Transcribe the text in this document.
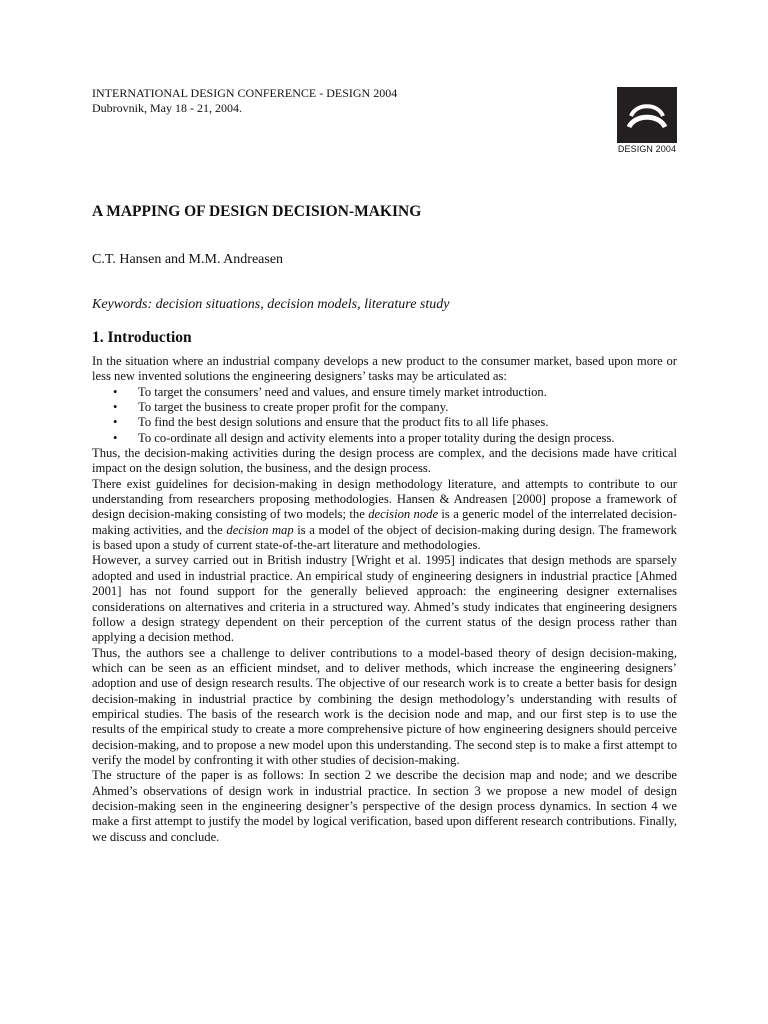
INTERNATIONAL DESIGN CONFERENCE - DESIGN 2004
Dubrovnik, May 18 - 21, 2004.
DESIGN 2004
A MAPPING OF DESIGN DECISION-MAKING
C.T. Hansen and M.M. Andreasen
Keywords: decision situations, decision models, literature study
1. Introduction

In the situation where an industrial company develops a new product to the consumer market, based upon more or less new invented solutions the engineering designers’ tasks may be articulated as:

• To target the consumers’ need and values, and ensure timely market introduction.
• To target the business to create proper profit for the company.
• To find the best design solutions and ensure that the product fits to all life phases.
• To co-ordinate all design and activity elements into a proper totality during the design process.

Thus, the decision-making activities during the design process are complex, and the decisions made have critical impact on the design solution, the business, and the design process.

There exist guidelines for decision-making in design methodology literature, and attempts to contribute to our understanding from researchers proposing methodologies. Hansen & Andreasen [2000] propose a framework of design decision-making consisting of two models; the decision node is a generic model of the interrelated decision-making activities, and the decision map is a model of the object of decision-making during design. The framework is based upon a study of current state-of-the-art literature and methodologies.

However, a survey carried out in British industry [Wright et al. 1995] indicates that design methods are sparsely adopted and used in industrial practice. An empirical study of engineering designers in industrial practice [Ahmed 2001] has not found support for the generally believed approach: the engineering designer externalises considerations on alternatives and criteria in a structured way. Ahmed’s study indicates that engineering designers follow a design strategy dependent on their perception of the current status of the design process rather than applying a decision method.

Thus, the authors see a challenge to deliver contributions to a model-based theory of design decision-making, which can be seen as an efficient mindset, and to deliver methods, which increase the engineering designers’ adoption and use of design research results. The objective of our research work is to create a better basis for design decision-making in industrial practice by combining the design methodology’s understanding with results of empirical studies. The basis of the research work is the decision node and map, and our first step is to use the results of the empirical study to create a more comprehensive picture of how engineering designers should perceive decision-making, and to propose a new model upon this understanding. The second step is to make a first attempt to verify the model by confronting it with other studies of decision-making.

The structure of the paper is as follows: In section 2 we describe the decision map and node; and we describe Ahmed’s observations of design work in industrial practice. In section 3 we propose a new model of design decision-making seen in the engineering designer’s perspective of the design process dynamics. In section 4 we make a first attempt to justify the model by logical verification, based upon different research contributions. Finally, we discuss and conclude.
